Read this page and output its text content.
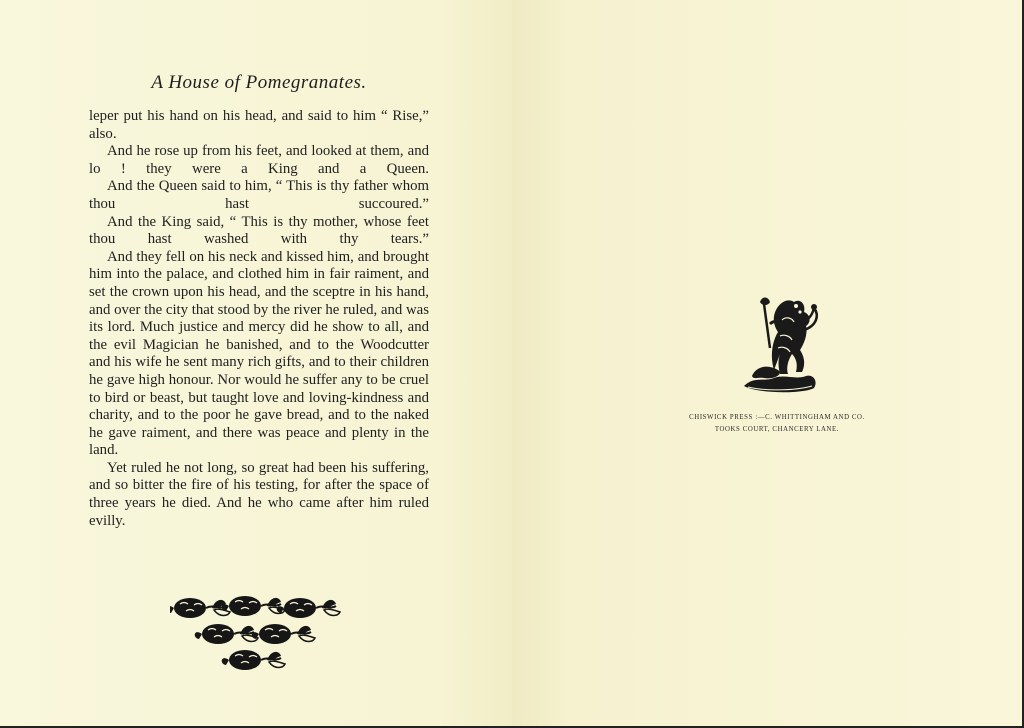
A House of Pomegranates.

leper put his hand on his head, and said to him “ Rise,” also.

And he rose up from his feet, and looked at them, and lo ! they were a King and a Queen.

And the Queen said to him, “ This is thy father whom thou hast succoured.”

And the King said, “ This is thy mother, whose feet thou hast washed with thy tears.”

And they fell on his neck and kissed him, and brought him into the palace, and clothed him in fair raiment, and set the crown upon his head, and the sceptre in his hand, and over the city that stood by the river he ruled, and was its lord. Much justice and mercy did he show to all, and the evil Magician he banished, and to the Woodcutter and his wife he sent many rich gifts, and to their children he gave high honour. Nor would he suffer any to be cruel to bird or beast, but taught love and loving-kindness and charity, and to the poor he gave bread, and to the naked he gave raiment, and there was peace and plenty in the land.

Yet ruled he not long, so great had been his suffering, and so bitter the fire of his testing, for after the space of three years he died. And he who came after him ruled evilly.

CHISWICK PRESS :—C. WHITTINGHAM AND CO.
TOOKS COURT, CHANCERY LANE.
